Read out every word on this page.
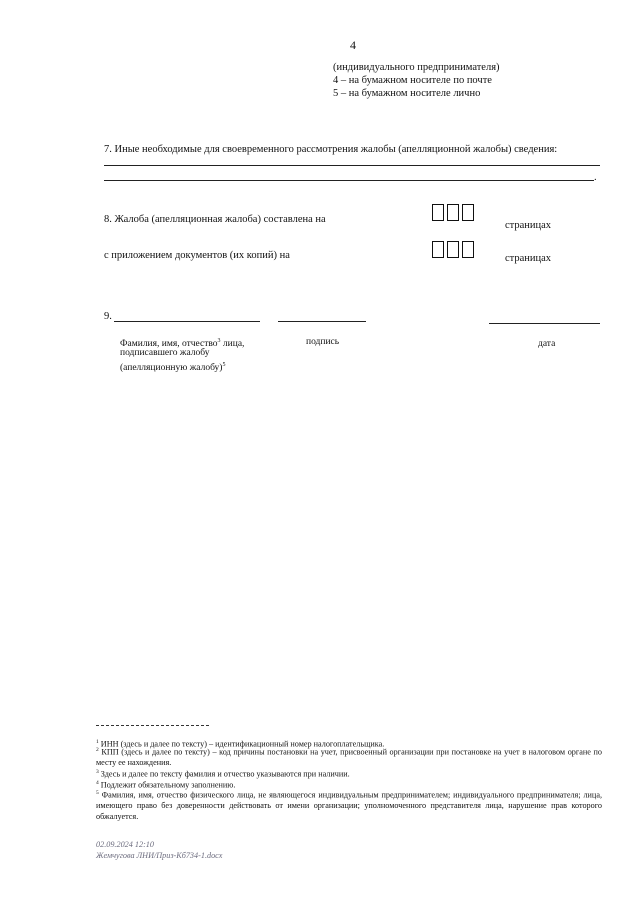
4
(индивидуального предпринимателя)
4 – на бумажном носителе по почте
5 – на бумажном носителе лично
7. Иные необходимые для своевременного рассмотрения жалобы (апелляционной жалобы) сведения:
.
8. Жалоба (апелляционная жалоба) составлена на
страницах
с приложением документов (их копий) на	страницах
9.
Фамилия, имя, отчество$^3$ лица,
подписавшего жалобу
(апелляционную жалобу)$^5$
подпись	дата
$^1$ ИНН (здесь и далее по тексту) – идентификационный номер налогоплательщика.
$^2$ КПП (здесь и далее по тексту) – код причины постановки на учет, присвоенный организации при постановке на учет в налоговом органе по месту ее нахождения.
$^3$ Здесь и далее по тексту фамилия и отчество указываются при наличии.
$^4$ Подлежит обязательному заполнению.
$^5$ Фамилия, имя, отчество физического лица, не являющегося индивидуальным предпринимателем; индивидуального предпринимателя; лица, имеющего право без доверенности действовать от имени организации; уполномоченного представителя лица, нарушение прав которого обжалуется.
02.09.2024 12:10
Жемчугова ЛНИ/Приз-Кб734-1.docx
